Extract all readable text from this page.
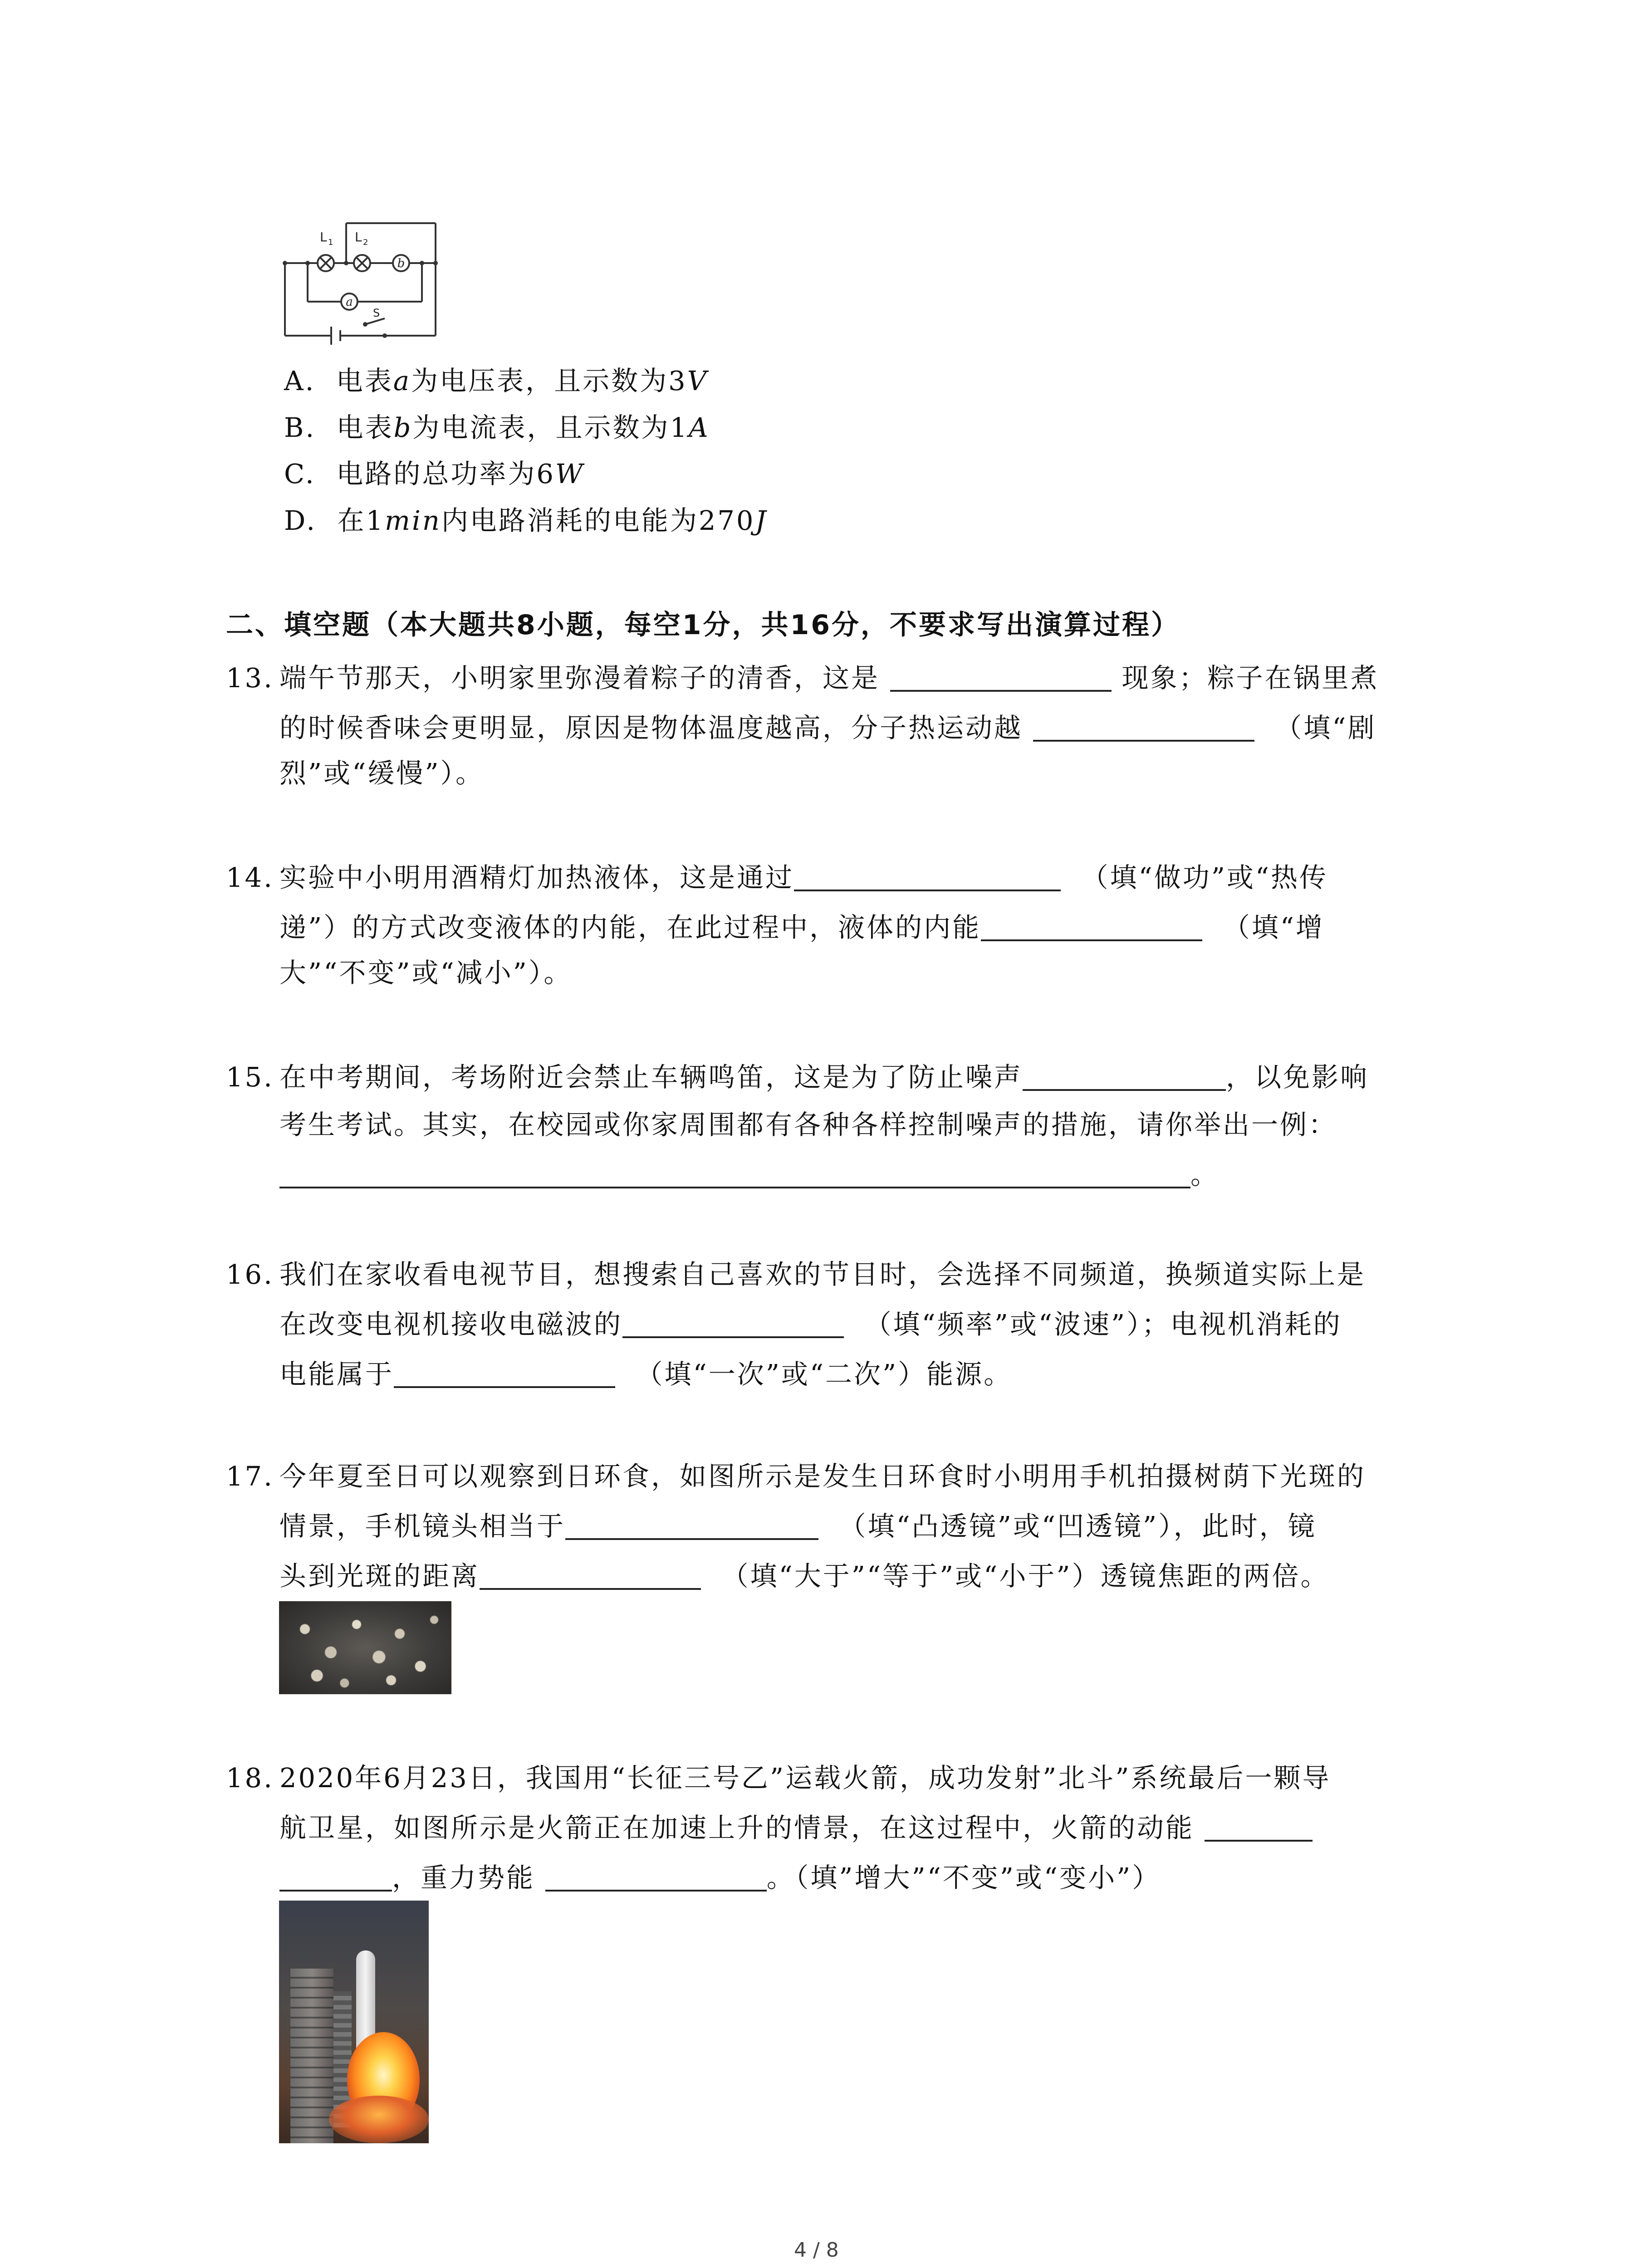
b
a
L 1 L 2
S
A. 电表a为电压表，且示数为3V
B. 电表b为电流表，且示数为1A
C. 电路的总功率为6W
D. 在1min内电路消耗的电能为270J
二、填空题（本大题共8小题，每空1分，共16分，不要求写出演算过程）
13. 端午节那天，小明家里弥漫着粽子的清香，这是	现象；粽子在锅里煮
的时候香味会更明显，原因是物体温度越高，分子热运动越	（填“剧
烈”或“缓慢”）。
14. 实验中小明用酒精灯加热液体，这是通过	（填“做功”或“热传
递”）的方式改变液体的内能，在此过程中，液体的内能	（填“增
大”“不变”或“减小”）。
15. 在中考期间，考场附近会禁止车辆鸣笛，这是为了防止噪声	，以免影响
考生考试。其实，在校园或你家周围都有各种各样控制噪声的措施，请你举出一例：
。
16. 我们在家收看电视节目，想搜索自己喜欢的节目时，会选择不同频道，换频道实际上是
在改变电视机接收电磁波的	（填“频率”或“波速”）；电视机消耗的
电能属于	（填“一次”或“二次”）能源。
17. 今年夏至日可以观察到日环食，如图所示是发生日环食时小明用手机拍摄树荫下光斑的
情景，手机镜头相当于	（填“凸透镜”或“凹透镜”），此时，镜
头到光斑的距离	（填“大于”“等于”或“小于”）透镜焦距的两倍。
18. 2020年6月23日，我国用“长征三号乙”运载火箭，成功发射”北斗”系统最后一颗导
航卫星，如图所示是火箭正在加速上升的情景，在这过程中，火箭的动能
，重力势能	。（填”增大”“不变”或“变小”）
4 / 8
